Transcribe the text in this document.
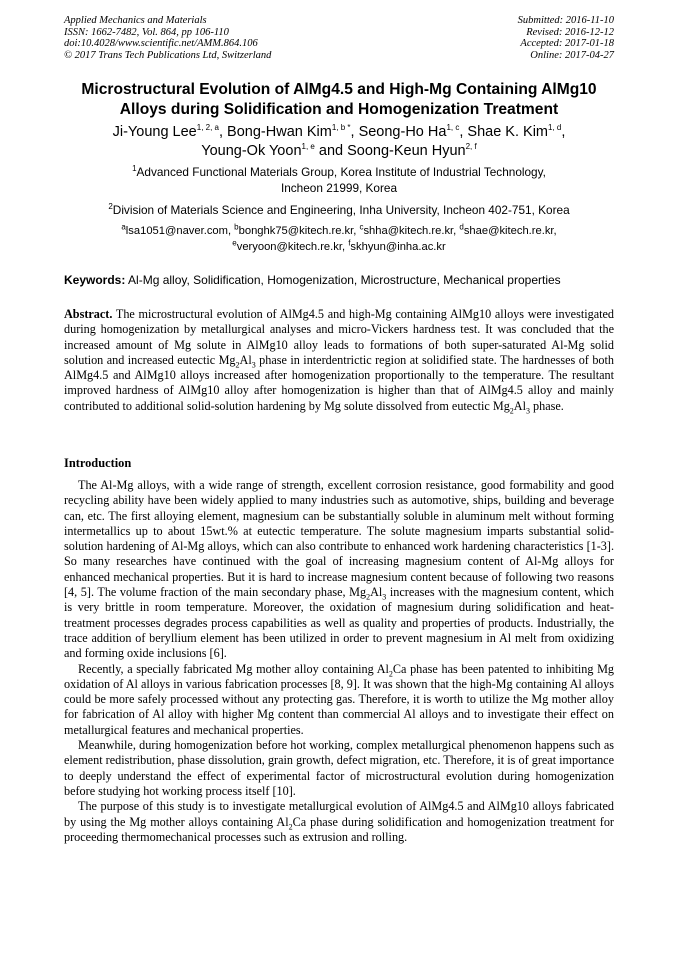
Applied Mechanics and Materials
ISSN: 1662-7482, Vol. 864, pp 106-110
doi:10.4028/www.scientific.net/AMM.864.106
© 2017 Trans Tech Publications Ltd, Switzerland
Submitted: 2016-11-10
Revised: 2016-12-12
Accepted: 2017-01-18
Online: 2017-04-27
Microstructural Evolution of AlMg4.5 and High-Mg Containing AlMg10
Alloys during Solidification and Homogenization Treatment
Ji-Young Lee$^{1, 2, a}$, Bong-Hwan Kim$^{1, b *}$, Seong-Ho Ha$^{1, c}$, Shae K. Kim$^{1, d}$,
Young-Ok Yoon$^{1, e}$ and Soong-Keun Hyun$^{2, f}$
$^1$Advanced Functional Materials Group, Korea Institute of Industrial Technology,
Incheon 21999, Korea
$^2$Division of Materials Science and Engineering, Inha University, Incheon 402-751, Korea
$^a$lsa1051@naver.com, $^b$bonghk75@kitech.re.kr, $^c$shha@kitech.re.kr, $^d$shae@kitech.re.kr,
$^e$veryoon@kitech.re.kr, $^f$skhyun@inha.ac.kr
Keywords: Al-Mg alloy, Solidification, Homogenization, Microstructure, Mechanical properties
Abstract. The microstructural evolution of AlMg4.5 and high-Mg containing AlMg10 alloys were investigated during homogenization by metallurgical analyses and micro-Vickers hardness test. It was concluded that the increased amount of Mg solute in AlMg10 alloy leads to formations of both super-saturated Al-Mg solid solution and increased eutectic $Mg_2Al_3$ phase in interdentrictic region at solidified state. The hardnesses of both AlMg4.5 and AlMg10 alloys increased after homogenization proportionally to the temperature. The resultant improved hardness of AlMg10 alloy after homogenization is higher than that of AlMg4.5 alloy and mainly contributed to additional solid-solution hardening by Mg solute dissolved from eutectic $Mg_2Al_3$ phase.
Introduction

The Al-Mg alloys, with a wide range of strength, excellent corrosion resistance, good formability and good recycling ability have been widely applied to many industries such as automotive, ships, building and beverage can, etc. The first alloying element, magnesium can be substantially soluble in aluminum melt without forming intermetallics up to about 15wt.% at eutectic temperature. The solute magnesium imparts substantial solid-solution hardening of Al-Mg alloys, which can also contribute to enhanced work hardening characteristics [1-3]. So many researches have continued with the goal of increasing magnesium content of Al-Mg alloys for enhanced mechanical properties. But it is hard to increase magnesium content because of following two reasons [4, 5]. The volume fraction of the main secondary phase, $Mg_2Al_3$ increases with the magnesium content, which is very brittle in room temperature. Moreover, the oxidation of magnesium during solidification and heat-treatment processes degrades process capabilities as well as quality and properties of products. Industrially, the trace addition of beryllium element has been utilized in order to prevent magnesium in Al melt from oxidizing and forming oxide inclusions [6].

Recently, a specially fabricated Mg mother alloy containing $Al_2Ca$ phase has been patented to inhibiting Mg oxidation of Al alloys in various fabrication processes [8, 9]. It was shown that the high-Mg containing Al alloys could be more safely processed without any protecting gas. Therefore, it is worth to utilize the Mg mother alloy for fabrication of Al alloy with higher Mg content than commercial Al alloys and to investigate their effect on metallurgical features and mechanical properties.

Meanwhile, during homogenization before hot working, complex metallurgical phenomenon happens such as element redistribution, phase dissolution, grain growth, defect migration, etc. Therefore, it is of great importance to deeply understand the effect of experimental factor of microstructural evolution during homogenization before studying hot working process itself [10].

The purpose of this study is to investigate metallurgical evolution of AlMg4.5 and AlMg10 alloys fabricated by using the Mg mother alloys containing $Al_2Ca$ phase during solidification and homogenization treatment for proceeding thermomechanical processes such as extrusion and rolling.
